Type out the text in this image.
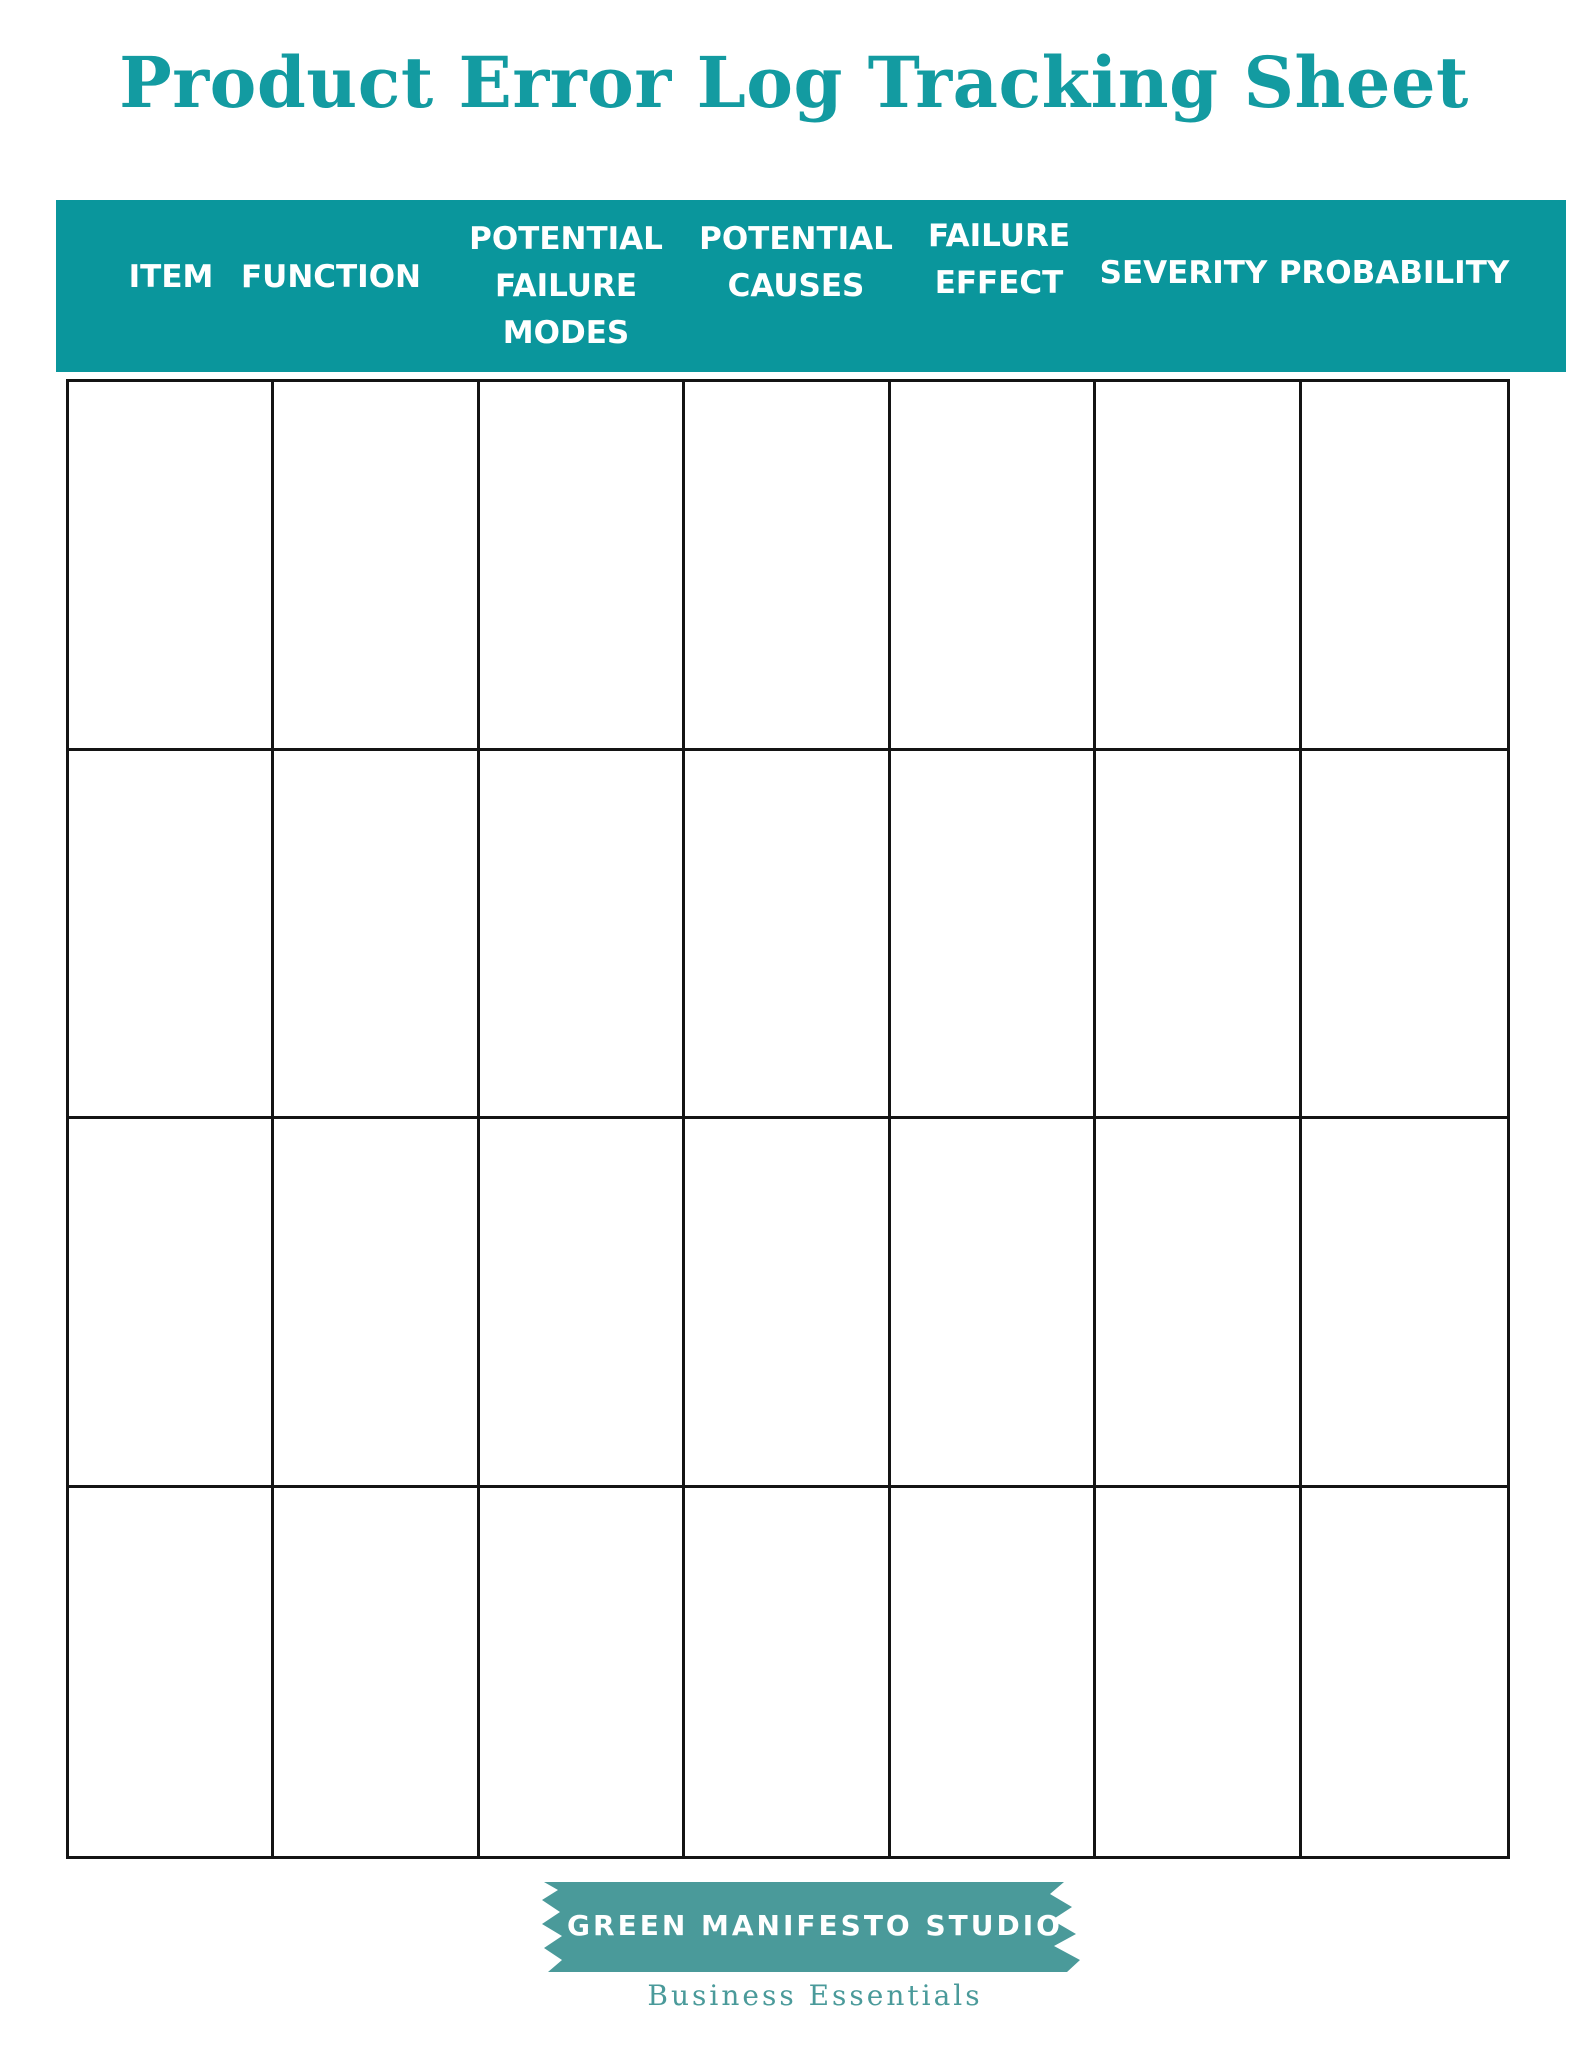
Product Error Log Tracking Sheet
ITEM FUNCTION
POTENTIAL
FAILURE
MODES
POTENTIAL
CAUSES
FAILURE
EFFECT	SEVERITY PROBABILITY
GREEN MANIFESTO STUDIO
Business Essentials
